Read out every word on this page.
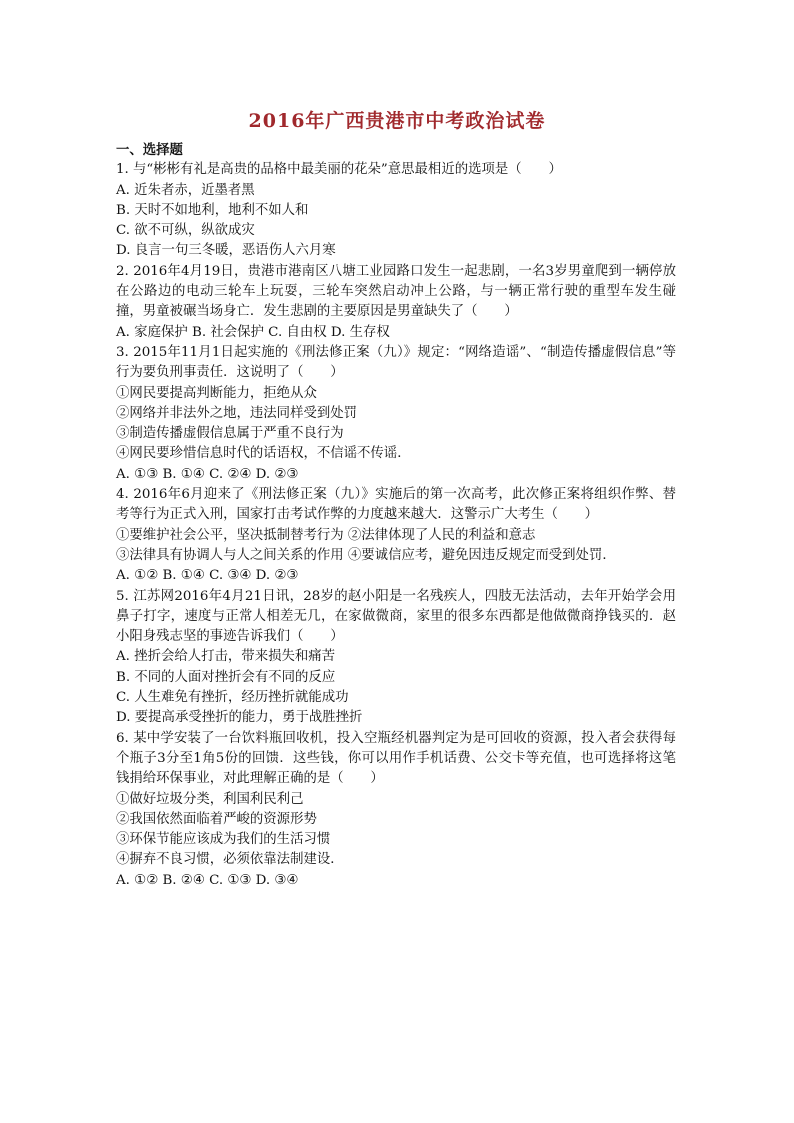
2016年广西贵港市中考政治试卷
一、选择题
1. 与“彬彬有礼是高贵的品格中最美丽的花朵”意思最相近的选项是（　　）
A. 近朱者赤，近墨者黑
B. 天时不如地利，地利不如人和
C. 欲不可纵，纵欲成灾
D. 良言一句三冬暖，恶语伤人六月寒
2. 2016年4月19日，贵港市港南区八塘工业园路口发生一起悲剧，一名3岁男童爬到一辆停放在公路边的电动三轮车上玩耍，三轮车突然启动冲上公路，与一辆正常行驶的重型车发生碰撞，男童被碾当场身亡．发生悲剧的主要原因是男童缺失了（　　）
A. 家庭保护 B. 社会保护 C. 自由权 D. 生存权
3. 2015年11月1日起实施的《刑法修正案（九）》规定：“网络造谣”、“制造传播虚假信息”等行为要负刑事责任．这说明了（　　）
①网民要提高判断能力，拒绝从众
②网络并非法外之地，违法同样受到处罚
③制造传播虚假信息属于严重不良行为
④网民要珍惜信息时代的话语权，不信谣不传谣．
A. ①③ B. ①④ C. ②④ D. ②③
4. 2016年6月迎来了《刑法修正案（九）》实施后的第一次高考，此次修正案将组织作弊、替考等行为正式入刑，国家打击考试作弊的力度越来越大．这警示广大考生（　　）
①要维护社会公平，坚决抵制替考行为 ②法律体现了人民的利益和意志
③法律具有协调人与人之间关系的作用 ④要诚信应考，避免因违反规定而受到处罚．
A. ①② B. ①④ C. ③④ D. ②③
5. 江苏网2016年4月21日讯，28岁的赵小阳是一名残疾人，四肢无法活动，去年开始学会用鼻子打字，速度与正常人相差无几，在家做微商，家里的很多东西都是他做微商挣钱买的．赵小阳身残志坚的事迹告诉我们（　　）
A. 挫折会给人打击，带来损失和痛苦
B. 不同的人面对挫折会有不同的反应
C. 人生难免有挫折，经历挫折就能成功
D. 要提高承受挫折的能力，勇于战胜挫折
6. 某中学安装了一台饮料瓶回收机，投入空瓶经机器判定为是可回收的资源，投入者会获得每个瓶子3分至1角5份的回馈．这些钱，你可以用作手机话费、公交卡等充值，也可选择将这笔钱捐给环保事业，对此理解正确的是（　　）
①做好垃圾分类，利国利民利己
②我国依然面临着严峻的资源形势
③环保节能应该成为我们的生活习惯
④摒弃不良习惯，必须依靠法制建设．
A. ①② B. ②④ C. ①③ D. ③④
